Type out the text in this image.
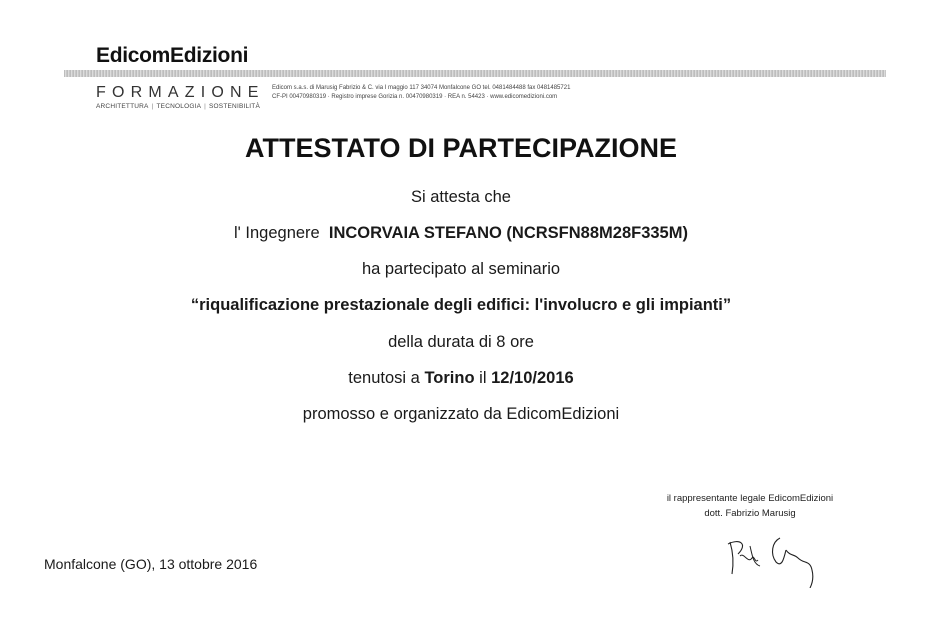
EdicomEdizioni
FORMAZIONE
ARCHITETTURA | TECNOLOGIA | SOSTENIBILITÀ
Edicom s.a.s. di Marusig Fabrizio & C. via I maggio 117 34074 Monfalcone GO tel. 0481484488 fax 0481485721
CF-PI 00470980319 · Registro imprese Gorizia n. 00470980319 · REA n. 54423 · www.edicomedizioni.com
ATTESTATO DI PARTECIPAZIONE
Si attesta che
l' Ingegnere INCORVAIA STEFANO (NCRSFN88M28F335M)
ha partecipato al seminario
“riqualificazione prestazionale degli edifici: l'involucro e gli impianti”
della durata di 8 ore
tenutosi a Torino il 12/10/2016
promosso e organizzato da EdicomEdizioni
il rappresentante legale EdicomEdizioni
dott. Fabrizio Marusig
Monfalcone (GO), 13 ottobre 2016
